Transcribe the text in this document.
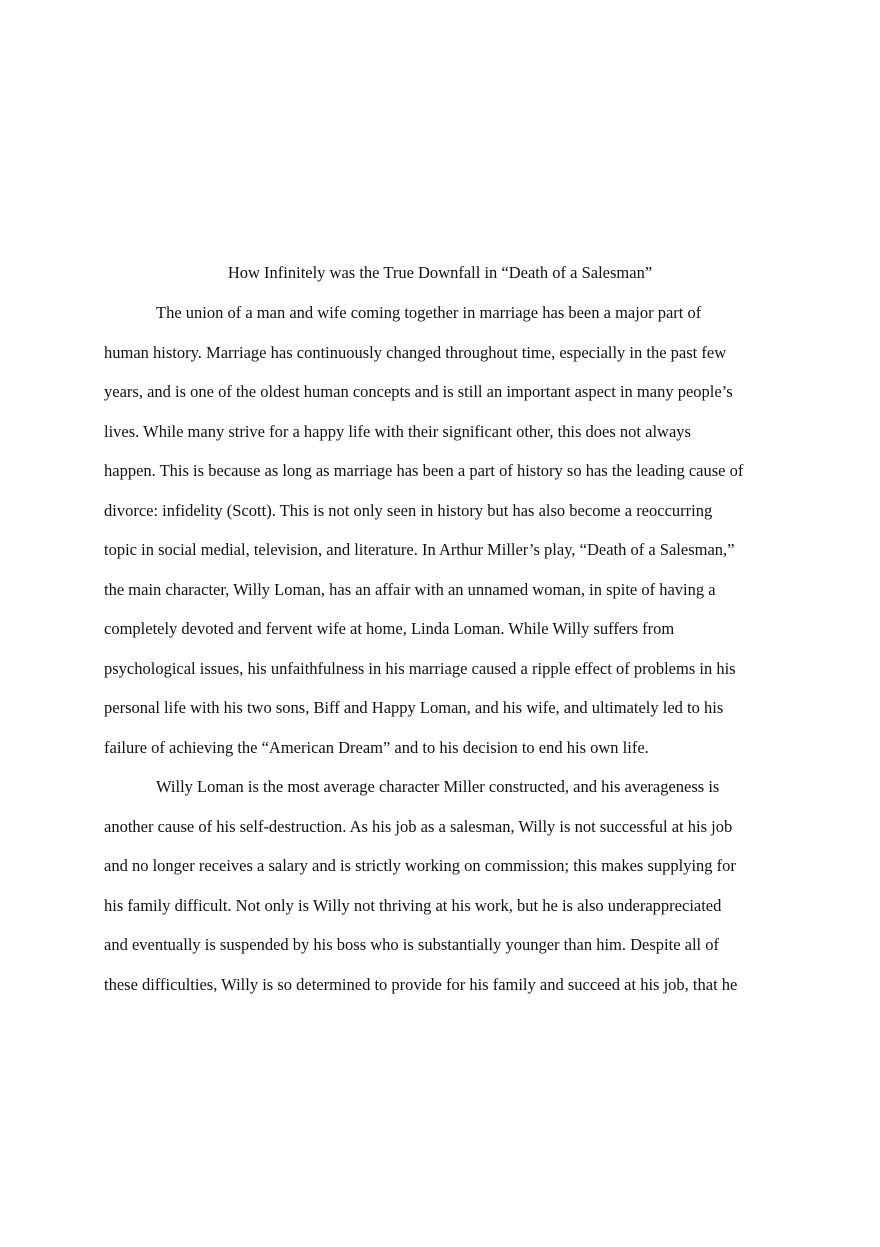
How Infinitely was the True Downfall in “Death of a Salesman”
The union of a man and wife coming together in marriage has been a major part of
human history. Marriage has continuously changed throughout time, especially in the past few
years, and is one of the oldest human concepts and is still an important aspect in many people’s
lives. While many strive for a happy life with their significant other, this does not always
happen. This is because as long as marriage has been a part of history so has the leading cause of
divorce: infidelity (Scott). This is not only seen in history but has also become a reoccurring
topic in social medial, television, and literature. In Arthur Miller’s play, “Death of a Salesman,”
the main character, Willy Loman, has an affair with an unnamed woman, in spite of having a
completely devoted and fervent wife at home, Linda Loman. While Willy suffers from
psychological issues, his unfaithfulness in his marriage caused a ripple effect of problems in his
personal life with his two sons, Biff and Happy Loman, and his wife, and ultimately led to his
failure of achieving the “American Dream” and to his decision to end his own life.
Willy Loman is the most average character Miller constructed, and his averageness is
another cause of his self-destruction. As his job as a salesman, Willy is not successful at his job
and no longer receives a salary and is strictly working on commission; this makes supplying for
his family difficult. Not only is Willy not thriving at his work, but he is also underappreciated
and eventually is suspended by his boss who is substantially younger than him. Despite all of
these difficulties, Willy is so determined to provide for his family and succeed at his job, that he
